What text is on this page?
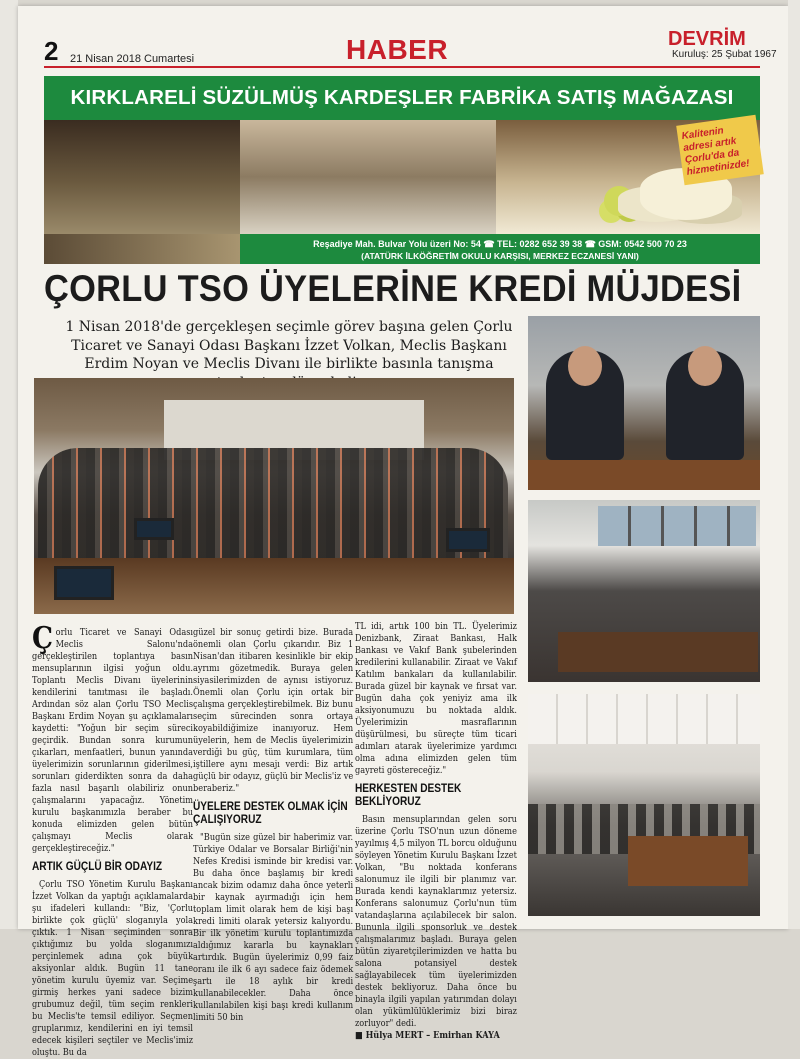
2 21 Nisan 2018 Cumartesi	HABER	DEVRİM
Kuruluş: 25 Şubat 1967
KIRKLARELİ SÜZÜLMÜŞ KARDEŞLER FABRİKA SATIŞ MAĞAZASI
Kalitenin adresi artık Çorlu'da da hizmetinizde!
Reşadiye Mah. Bulvar Yolu üzeri No: 54 ☎ TEL: 0282 652 39 38 ☎ GSM: 0542 500 70 23
(ATATÜRK İLKÖĞRETİM OKULU KARŞISI, MERKEZ ECZANESİ YANI)
ÇORLU TSO ÜYELERİNE KREDİ MÜJDESİ
1 Nisan 2018'de gerçekleşen seçimle görev başına gelen Çorlu Ticaret ve Sanayi Odası Başkanı İzzet Volkan, Meclis Başkanı Erdim Noyan ve Meclis Divanı ile birlikte basınla tanışma

Çorlu Ticaret ve Sanayi Odası Meclis Salonu'nda gerçekleştirilen toplantıya basın mensuplarının ilgisi yoğun oldu. Toplantı Meclis Divanı üyelerinin kendilerini tanıtması ile başladı. Ardından söz alan Çorlu TSO Meclis Başkanı Erdim Noyan şu açıklamaları kaydetti: "Yoğun bir seçim süreci geçirdik. Bundan sonra kurumun çıkarları, menfaatleri, bunun yanında üyelerimizin sorunlarının giderilmesi, sorunları giderdikten sonra da daha fazla nasıl başarılı olabiliriz onun çalışmalarını yapacağız. Yönetim kurulu başkanımızla beraber bu konuda elimizden gelen bütün çalışmayı Meclis olarak gerçekleştireceğiz."

ARTIK GÜÇLÜ BİR ODAYIZ

Çorlu TSO Yönetim Kurulu Başkanı İzzet Volkan da yaptığı açıklamalarda şu ifadeleri kullandı: "Biz, 'Çorlu birlikte çok güçlü' sloganıyla yola çıktık. 1 Nisan seçiminden sonra çıktığımız bu yolda sloganımızı perçinlemek adına çok büyük aksiyonlar aldık. Bugün 11 tane yönetim kurulu üyemiz var. Seçime girmiş herkes yani sadece bizim grubumuz değil, tüm seçim renkleri bu Meclis'te temsil ediliyor. Seçmen gruplarımız, kendilerini en iyi temsil edecek kişileri seçtiler ve Meclis'imiz oluştu. Bu da

güzel bir sonuç getirdi bize. Burada önemli olan Çorlu çıkarıdır. Biz 1 Nisan'dan itibaren kesinlikle bir ekip ayrımı gözetmedik. Buraya gelen siyasilerimizden de aynısı istiyoruz. Önemli olan Çorlu için ortak bir çalışma gerçekleştirebilmek. Biz bunu seçim sürecinden sonra ortaya koyabildiğimize inanıyoruz. Hem üyelerin, hem de Meclis üyelerimizin verdiği bu güç, tüm kurumlara, tüm iştillere aynı mesajı verdi: Biz artık güçlü bir odayız, güçlü bir Meclis'iz ve beraberiz."

ÜYELERE DESTEK OLMAK İÇİN ÇALIŞIYORUZ

"Bugün size güzel bir haberimiz var. Türkiye Odalar ve Borsalar Birliği'nin Nefes Kredisi isminde bir kredisi var. Bu daha önce başlamış bir kredi ancak bizim odamız daha önce yeterli bir kaynak ayırmadığı için hem toplam limit olarak hem de kişi başı kredi limiti olarak yetersiz kalıyordu. Bir ilk yönetim kurulu toplantımızda aldığımız kararla bu kaynakları artırdık. Bugün üyelerimiz 0,99 faiz oranı ile ilk 6 ayı sadece faiz ödemek şartı ile 18 aylık bir kredi kullanabilecekler. Daha önce kullanılabilen kişi başı kredi kullanım limiti 50 bin

TL idi, artık 100 bin TL. Üyelerimiz Denizbank, Ziraat Bankası, Halk Bankası ve Vakıf Bank şubelerinden kredilerini kullanabilir. Ziraat ve Vakıf Katılım bankaları da kullanılabilir. Burada güzel bir kaynak ve fırsat var. Bugün daha çok yeniyiz ama ilk aksiyonumuzu bu noktada aldık. Üyelerimizin masraflarının düşürülmesi, bu süreçte tüm ticari adımları atarak üyelerimize yardımcı olma adına elimizden gelen tüm gayreti göstereceğiz."

HERKESTEN DESTEK BEKLİYORUZ

Basın mensuplarından gelen soru üzerine Çorlu TSO'nun uzun döneme yayılmış 4,5 milyon TL borcu olduğunu söyleyen Yönetim Kurulu Başkanı İzzet Volkan, "Bu noktada konferans salonumuz ile ilgili bir planımız var. Burada kendi kaynaklarımız yetersiz. Konferans salonumuz Çorlu'nun tüm vatandaşlarına açılabilecek bir salon. Bununla ilgili sponsorluk ve destek çalışmalarımız başladı. Buraya gelen bütün ziyaretçilerimizden ve hatta bu salona potansiyel destek sağlayabilecek tüm üyelerimizden destek bekliyoruz. Daha önce bu binayla ilgili yapılan yatırımdan dolayı olan yükümlülüklerimiz bizi biraz zorluyor" dedi.

■ Hülya MERT – Emirhan KAYA
